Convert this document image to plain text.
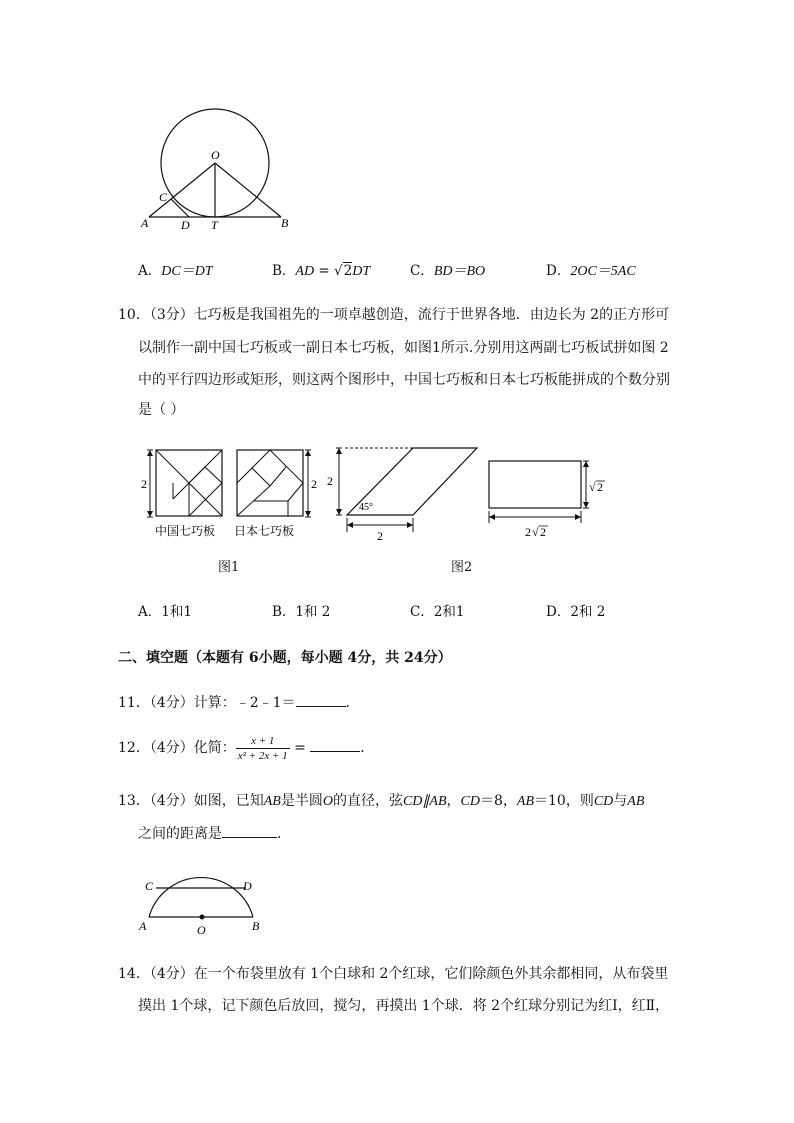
O
C
A	D T	B
A．DC＝DT	B．AD = √2DT	C．BD＝BO	D．2OC＝5AC
10．（3分）七巧板是我国祖先的一项卓越创造，流行于世界各地．由边长为 2的正方形可
以制作一副中国七巧板或一副日本七巧板，如图1所示.分别用这两副七巧板试拼如图 2
中的平行四边形或矩形，则这两个图形中，中国七巧板和日本七巧板能拼成的个数分别
是（ ）
2
中国七巧板
2
日本七巧板
2
45°
2
√ 2
2 √ 2
图1	图2
A．1和1	B．1和 2	C．2和1	D．2和 2
二、填空题（本题有 6小题，每小题 4分，共 24分）
11．（4分）计算：﹣2﹣1＝	．
12．（4分）化简： $\frac{x + 1}{\text{x² + 2x + 1}}$ =	．
13．（4分）如图，已知AB是半圆O的直径，弦CD∥AB，CD＝8，AB＝10，则CD与AB
之间的距离是	．
C	D
A	O	B
14．（4分）在一个布袋里放有 1个白球和 2个红球，它们除颜色外其余都相同，从布袋里
摸出 1个球，记下颜色后放回，搅匀，再摸出 1个球．将 2个红球分别记为红Ⅰ，红Ⅱ，
